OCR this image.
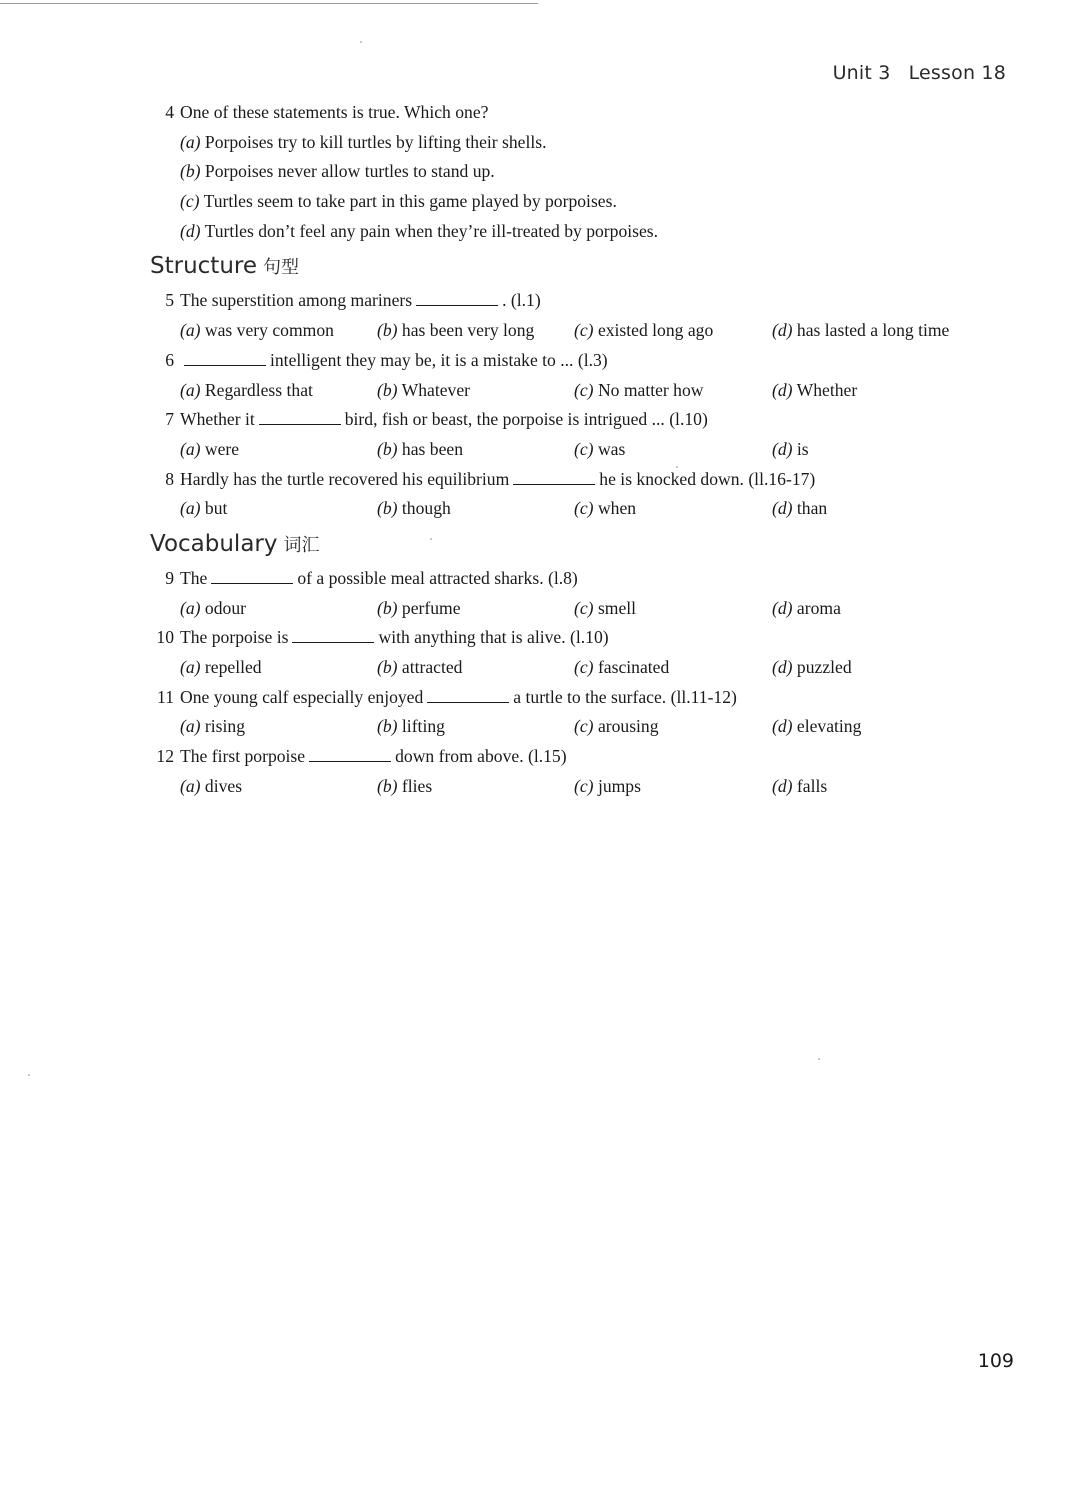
Unit 3 Lesson 18
4 One of these statements is true. Which one?
(a) Porpoises try to kill turtles by lifting their shells.
(b) Porpoises never allow turtles to stand up.
(c) Turtles seem to take part in this game played by porpoises.
(d) Turtles don’t feel any pain when they’re ill-treated by porpoises.
Structure 句型
5 The superstition among mariners	. (l.1)
(a) was very common (b) has been very long (c) existed long ago	(d) has lasted a long time
6	intelligent they may be, it is a mistake to ... (l.3)
(a) Regardless that	(b) Whatever	(c) No matter how	(d) Whether
7 Whether it	bird, fish or beast, the porpoise is intrigued ... (l.10)
(a) were	(b) has been	(c) was	(d) is
8 Hardly has the turtle recovered his equilibrium	he is knocked down. (ll.16-17)
(a) but	(b) though	(c) when	(d) than
Vocabulary 词汇
9 The	of a possible meal attracted sharks. (l.8)
(a) odour	(b) perfume	(c) smell	(d) aroma
10 The porpoise is	with anything that is alive. (l.10)
(a) repelled	(b) attracted	(c) fascinated	(d) puzzled
11 One young calf especially enjoyed	a turtle to the surface. (ll.11-12)
(a) rising	(b) lifting	(c) arousing	(d) elevating
12 The first porpoise	down from above. (l.15)
(a) dives	(b) flies	(c) jumps	(d) falls
109
